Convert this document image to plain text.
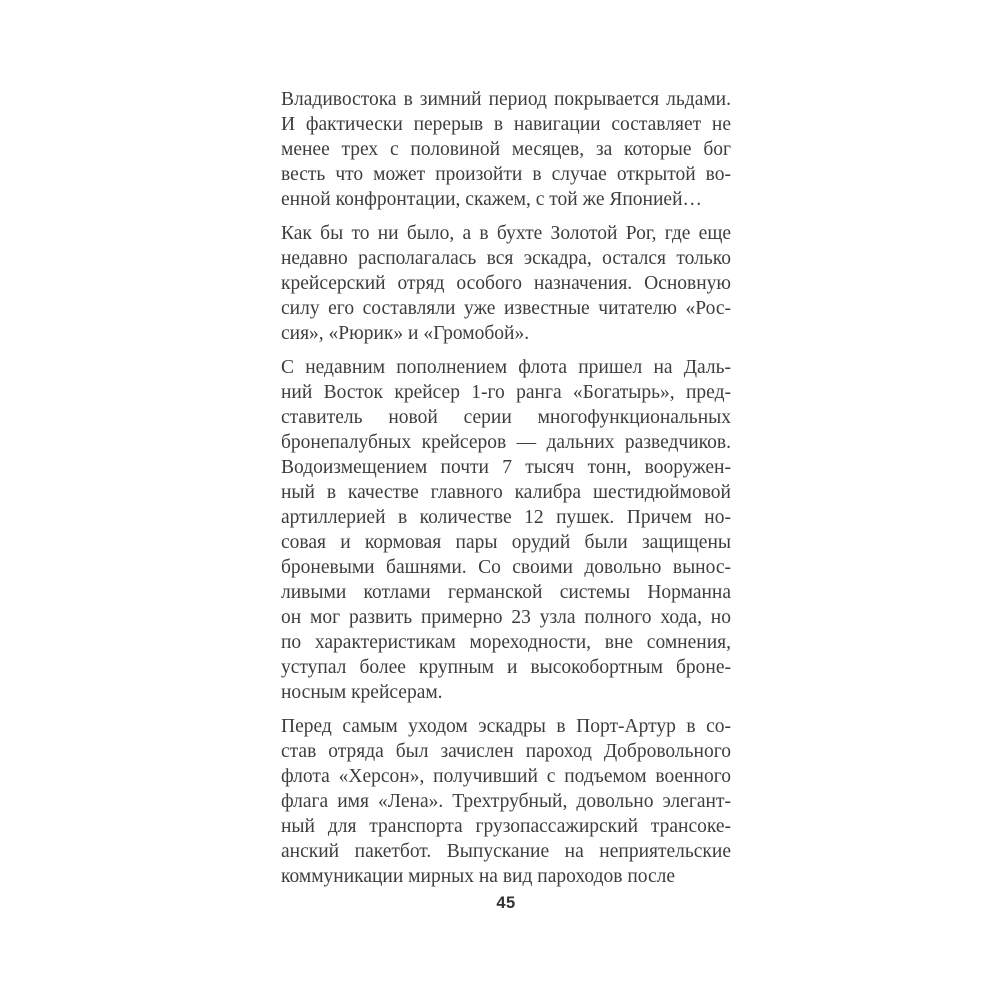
Владивостока в зимний период покрывается льдами.
И фактически перерыв в навигации составляет не
менее трех с половиной месяцев, за которые бог
весть что может произойти в случае открытой во-
енной конфронтации, скажем, с той же Японией…
Как бы то ни было, а в бухте Золотой Рог, где еще
недавно располагалась вся эскадра, остался только
крейсерский отряд особого назначения. Основную
силу его составляли уже известные читателю «Рос-
сия», «Рюрик» и «Громобой».
С недавним пополнением флота пришел на Даль-
ний Восток крейсер 1-го ранга «Богатырь», пред-
ставитель новой серии многофункциональных
бронепалубных крейсеров — дальних разведчиков.
Водоизмещением почти 7 тысяч тонн, вооружен-
ный в качестве главного калибра шестидюймовой
артиллерией в количестве 12 пушек. Причем но-
совая и кормовая пары орудий были защищены
броневыми башнями. Со своими довольно вынос-
ливыми котлами германской системы Норманна
он мог развить примерно 23 узла полного хода, но
по характеристикам мореходности, вне сомнения,
уступал более крупным и высокобортным броне-
носным крейсерам.
Перед самым уходом эскадры в Порт-Артур в со-
став отряда был зачислен пароход Добровольного
флота «Херсон», получивший с подъемом военного
флага имя «Лена». Трехтрубный, довольно элегант-
ный для транспорта грузопассажирский трансоке-
анский пакетбот. Выпускание на неприятельские
коммуникации мирных на вид пароходов после
45
